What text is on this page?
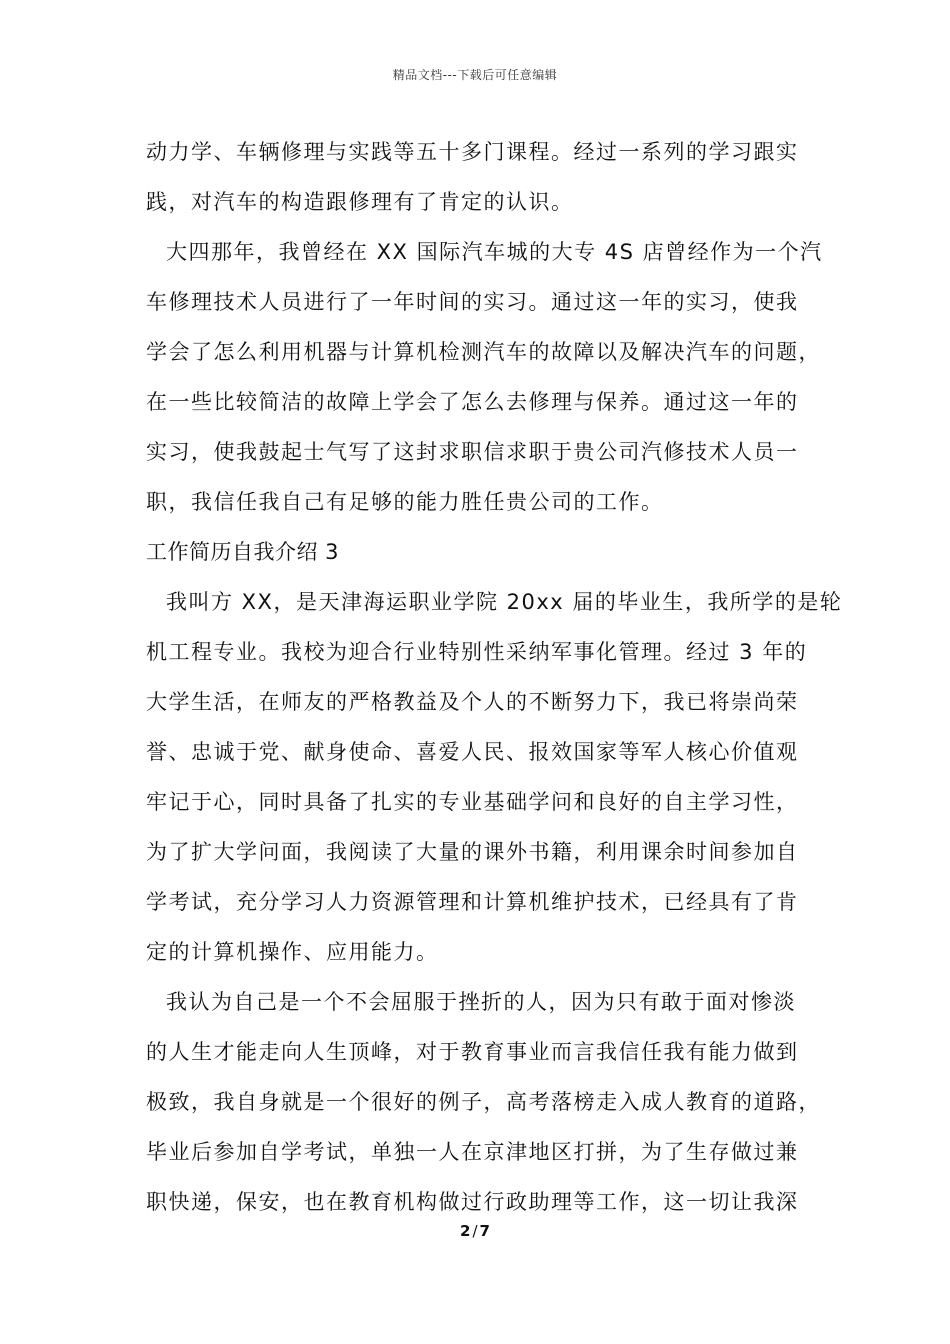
精品文档---下载后可任意编辑
动力学、车辆修理与实践等五十多门课程。经过一系列的学习跟实
践，对汽车的构造跟修理有了肯定的认识。
大四那年，我曾经在 XX 国际汽车城的大专 4S 店曾经作为一个汽
车修理技术人员进行了一年时间的实习。通过这一年的实习，使我
学会了怎么利用机器与计算机检测汽车的故障以及解决汽车的问题，
在一些比较简洁的故障上学会了怎么去修理与保养。通过这一年的
实习，使我鼓起士气写了这封求职信求职于贵公司汽修技术人员一
职，我信任我自己有足够的能力胜任贵公司的工作。
工作简历自我介绍 3
我叫方 XX，是天津海运职业学院 20xx 届的毕业生，我所学的是轮
机工程专业。我校为迎合行业特别性采纳军事化管理。经过 3 年的
大学生活，在师友的严格教益及个人的不断努力下，我已将崇尚荣
誉、忠诚于党、献身使命、喜爱人民、报效国家等军人核心价值观
牢记于心，同时具备了扎实的专业基础学问和良好的自主学习性，
为了扩大学问面，我阅读了大量的课外书籍，利用课余时间参加自
学考试，充分学习人力资源管理和计算机维护技术，已经具有了肯
定的计算机操作、应用能力。
我认为自己是一个不会屈服于挫折的人，因为只有敢于面对惨淡
的人生才能走向人生顶峰，对于教育事业而言我信任我有能力做到
极致，我自身就是一个很好的例子，高考落榜走入成人教育的道路，
毕业后参加自学考试，单独一人在京津地区打拼，为了生存做过兼
职快递，保安，也在教育机构做过行政助理等工作，这一切让我深
2 / 7
